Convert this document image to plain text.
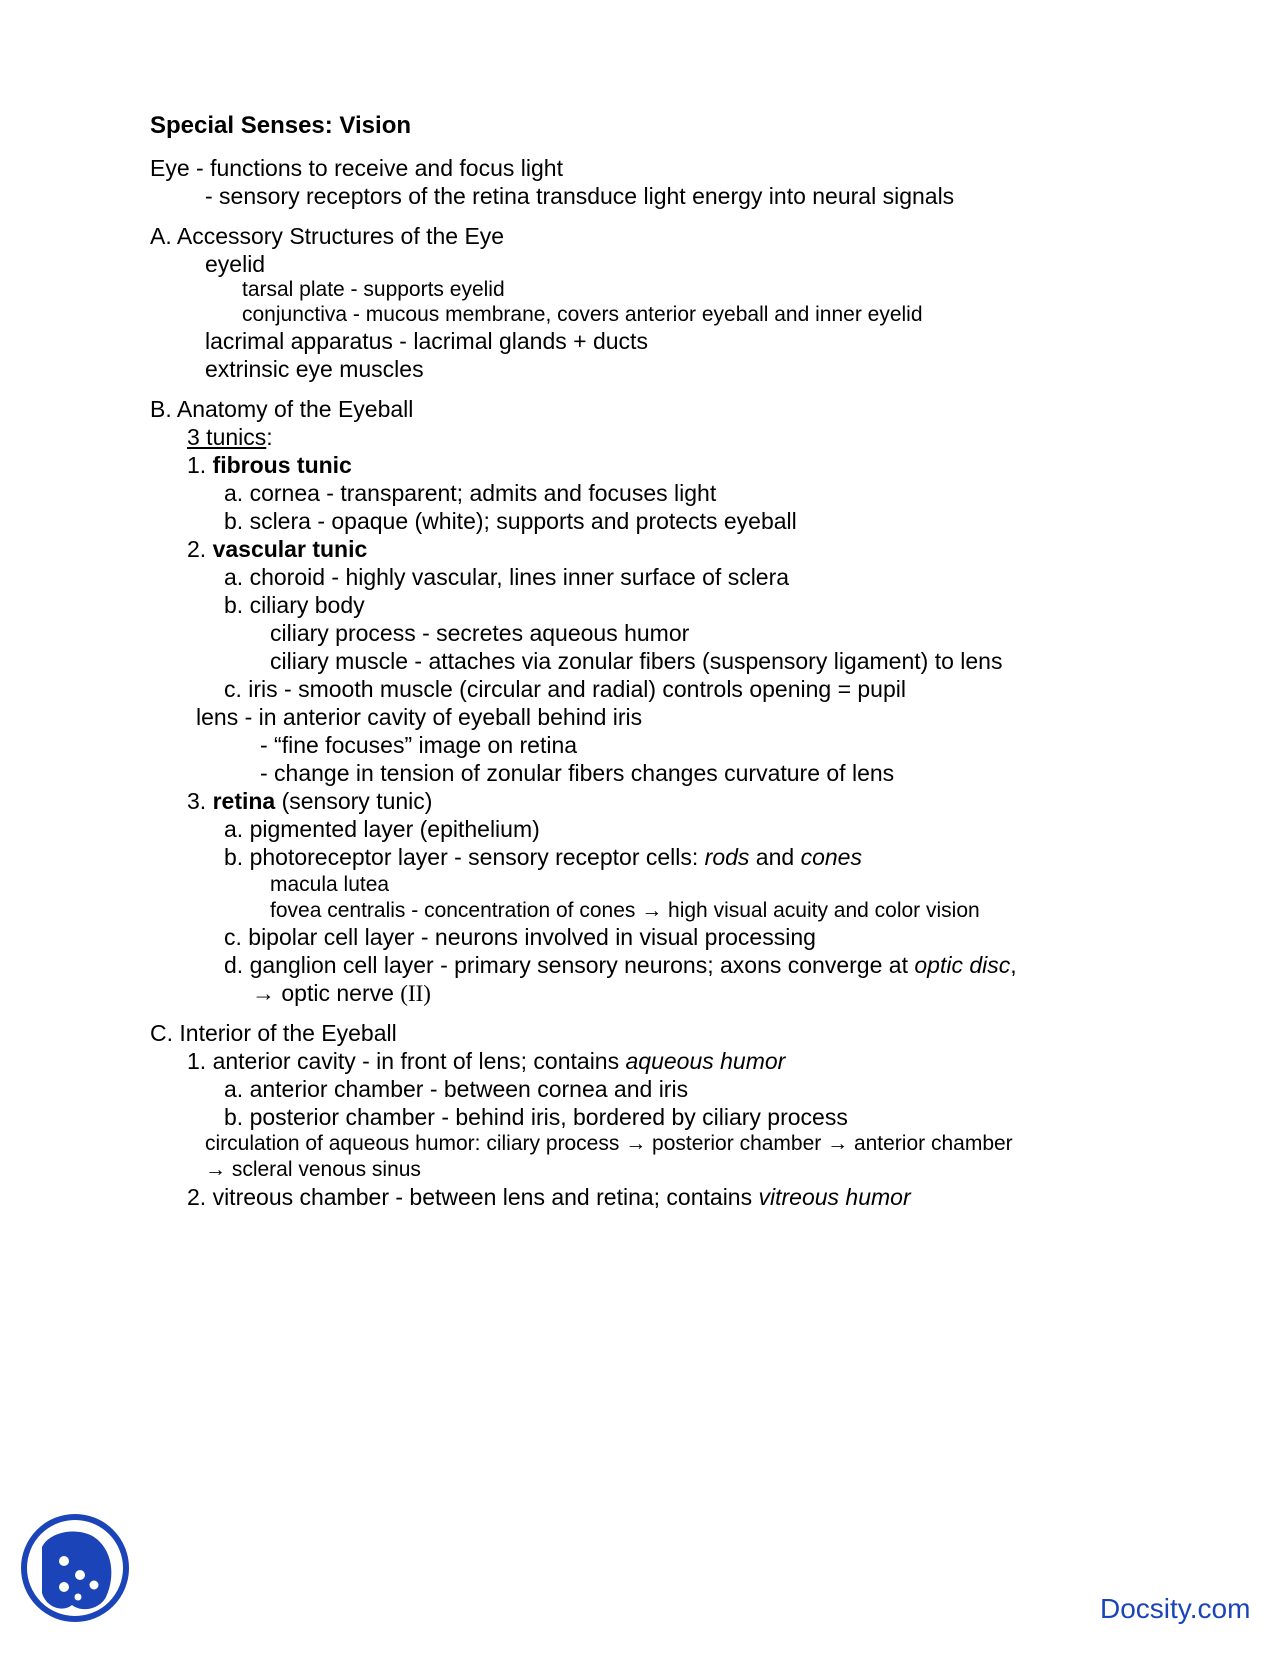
Special Senses: Vision
Eye - functions to receive and focus light
- sensory receptors of the retina transduce light energy into neural signals
A. Accessory Structures of the Eye
eyelid
tarsal plate - supports eyelid
conjunctiva - mucous membrane, covers anterior eyeball and inner eyelid
lacrimal apparatus - lacrimal glands + ducts
extrinsic eye muscles
B. Anatomy of the Eyeball
3 tunics:
1. fibrous tunic
a. cornea - transparent; admits and focuses light
b. sclera - opaque (white); supports and protects eyeball
2. vascular tunic
a. choroid - highly vascular, lines inner surface of sclera
b. ciliary body
ciliary process - secretes aqueous humor
ciliary muscle - attaches via zonular fibers (suspensory ligament) to lens
c. iris - smooth muscle (circular and radial) controls opening = pupil
lens - in anterior cavity of eyeball behind iris
- “fine focuses” image on retina
- change in tension of zonular fibers changes curvature of lens
3. retina (sensory tunic)
a. pigmented layer (epithelium)
b. photoreceptor layer - sensory receptor cells: rods and cones
macula lutea
fovea centralis - concentration of cones → high visual acuity and color vision
c. bipolar cell layer - neurons involved in visual processing
d. ganglion cell layer - primary sensory neurons; axons converge at optic disc,
→ optic nerve (II)
C. Interior of the Eyeball
1. anterior cavity - in front of lens; contains aqueous humor
a. anterior chamber - between cornea and iris
b. posterior chamber - behind iris, bordered by ciliary process
circulation of aqueous humor: ciliary process → posterior chamber → anterior chamber
→ scleral venous sinus
2. vitreous chamber - between lens and retina; contains vitreous humor
Docsity.com
